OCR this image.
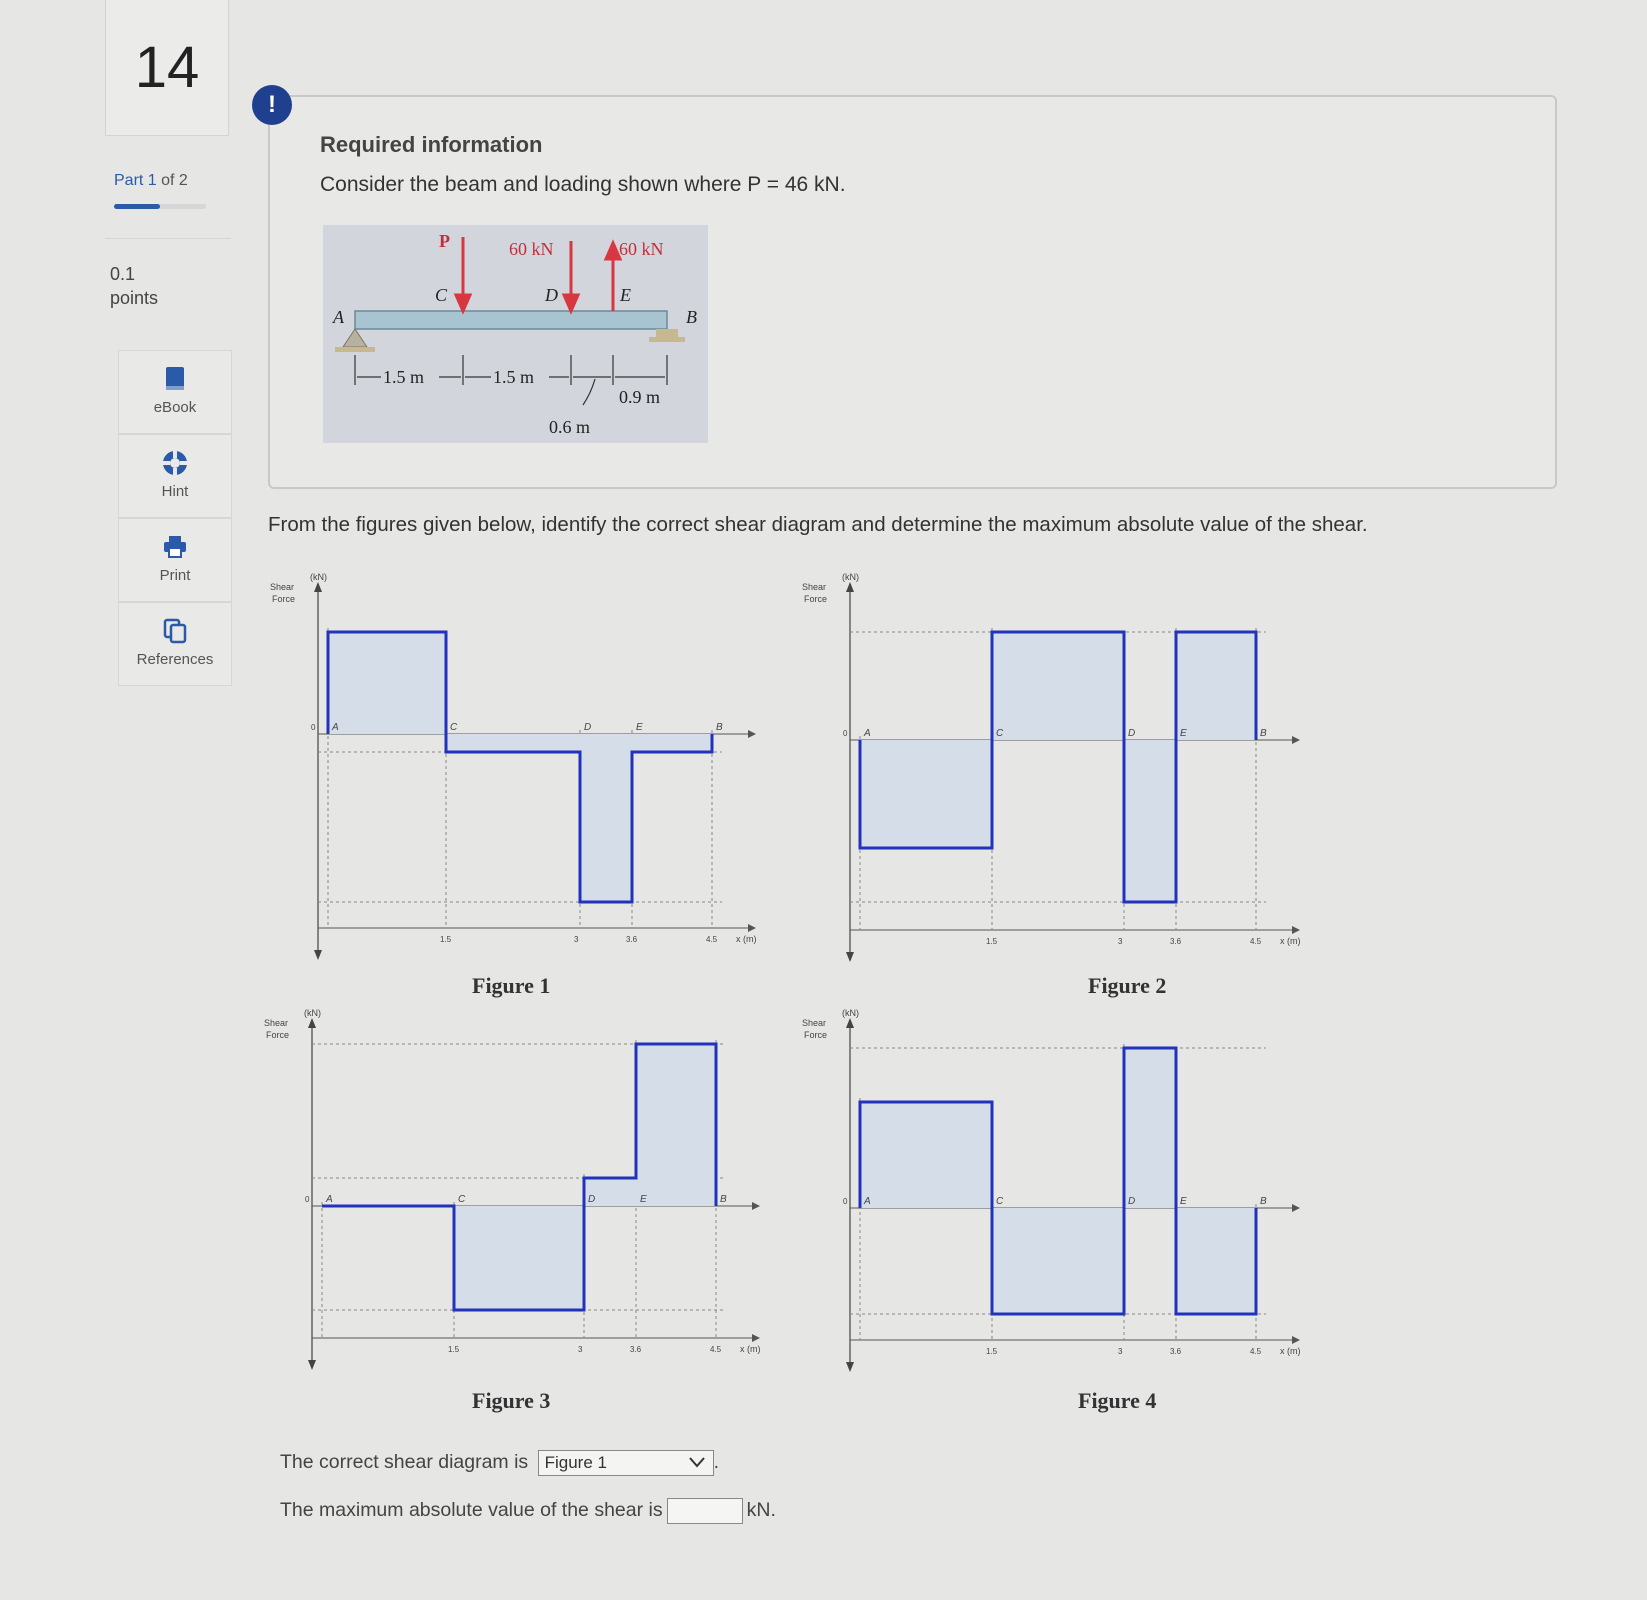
14
Part 1 of 2
0.1
points
eBook
Hint
Print
References
!
Required information
Consider the beam and loading shown where P = 46 kN.
P	60 kN	60 kN
C	D	E
A	B
1.5 m	1.5 m
0.6 m
0.9 m
From the figures given below, identify the correct shear diagram and determine the maximum absolute value of the shear.
Shear
Force
(kN)
0
x (m)
A	C	D	E	B
1.5	3	3.6	4.5
Shear
Force
(kN)
0
x (m)
A	C	D	E	B
1.5	3	3.6	4.5
Shear
Force
(kN)
0
x (m)
A	C	D	E	B
1.5	3	3.6	4.5
Shear
Force
(kN)
0
x (m)
A	C	D	E	B
1.5	3	3.6	4.5
Figure 1	Figure 2
Figure 3	Figure 4
The correct shear diagram is Figure 1	.
The maximum absolute value of the shear is	kN.
